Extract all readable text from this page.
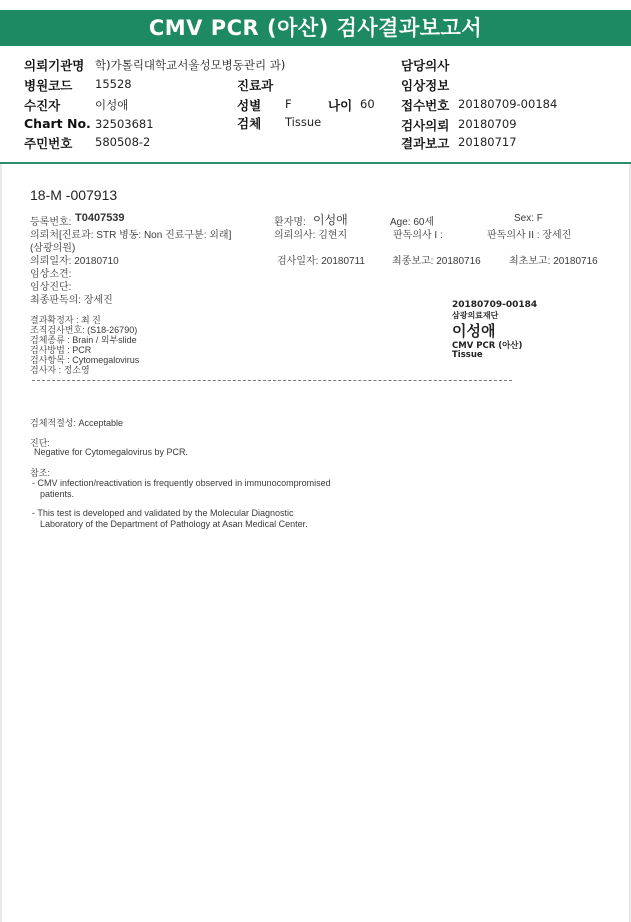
CMV PCR (아산) 검사결과보고서
의뢰기관명 학)가톨릭대학교서울성모병동관리 과)
병원코드 15528
수진자	이성애
Chart No. 32503681
주민번호 580508-2
진료과
성별 F	나이 60
검체 Tissue
담당의사
임상정보
접수번호 20180709-00184
검사의뢰 20180709
결과보고 20180717
18-M -007913
등록번호: T0407539	환자명: 이성애	Age: 60세	Sex: F
의뢰처[진료과: STR 병동: Non 진료구분: 외래]	의뢰의사: 김현지	판독의사 I :	판독의사 II : 장세진
(삼광의원)
의뢰일자: 20180710	검사일자: 20180711	최종보고: 20180716	최초보고: 20180716
임상소견:
임상진단:
최종판독의: 장세진
결과확정자 : 최 진
조직검사번호: (S18-26790)
검체종류 : Brain / 외부slide
검사방법 : PCR
검사항목 : Cytomegalovirus
검사자 : 정소영
검체적절성: Acceptable
진단:
Negative for Cytomegalovirus by PCR.
참조:
- CMV infection/reactivation is frequently observed in immunocompromised
patients.
- This test is developed and validated by the Molecular Diagnostic
Laboratory of the Department of Pathology at Asan Medical Center.
20180709-00184
삼광의료재단
이성애
CMV PCR (아산)
Tissue
